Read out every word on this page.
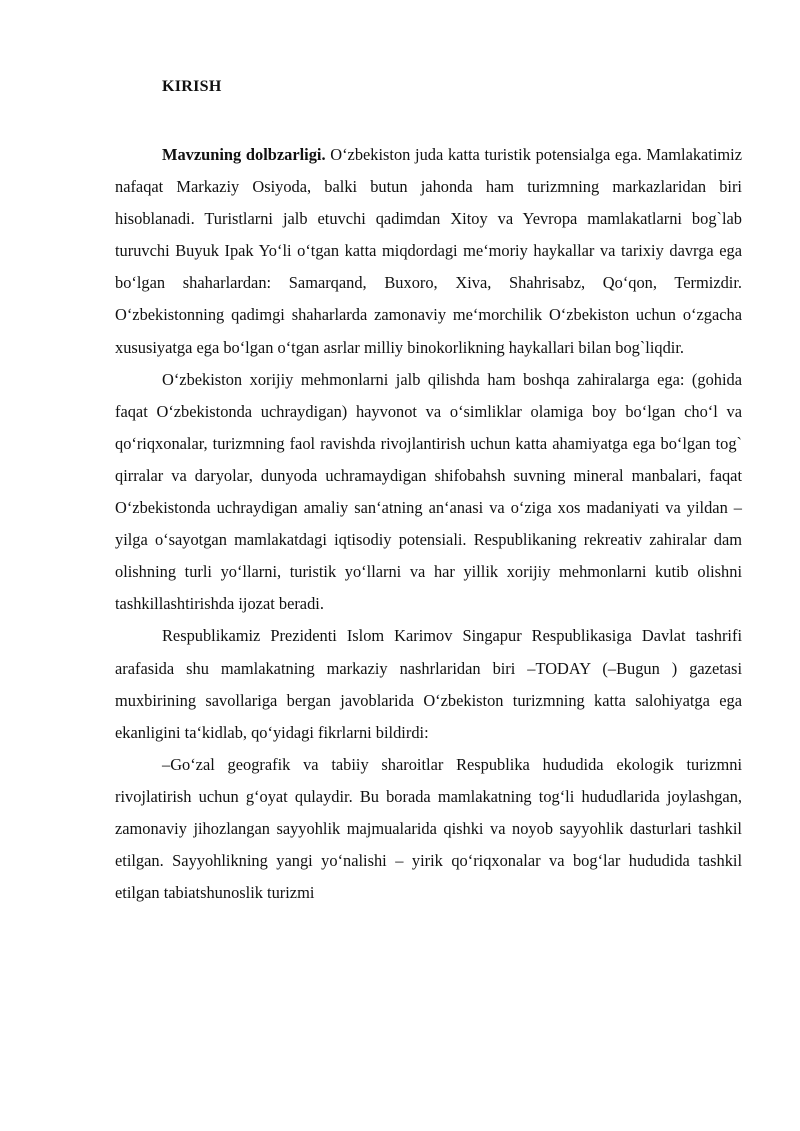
KIRISH

Mavzuning dolbzarligi. O‘zbekiston juda katta turistik potensialga ega. Mamlakatimiz nafaqat Markaziy Osiyoda, balki butun jahonda ham turizmning markazlaridan biri hisoblanadi. Turistlarni jalb etuvchi qadimdan Xitoy va Yevropa mamlakatlarni bog`lab turuvchi Buyuk Ipak Yo‘li o‘tgan katta miqdordagi me‘moriy haykallar va tarixiy davrga ega bo‘lgan shaharlardan: Samarqand, Buxoro, Xiva, Shahrisabz, Qo‘qon, Termizdir. O‘zbekistonning qadimgi shaharlarda zamonaviy me‘morchilik O‘zbekiston uchun o‘zgacha xususiyatga ega bo‘lgan o‘tgan asrlar milliy binokorlikning haykallari bilan bog`liqdir.

O‘zbekiston xorijiy mehmonlarni jalb qilishda ham boshqa zahiralarga ega: (gohida faqat O‘zbekistonda uchraydigan) hayvonot va o‘simliklar olamiga boy bo‘lgan cho‘l va qo‘riqxonalar, turizmning faol ravishda rivojlantirish uchun katta ahamiyatga ega bo‘lgan tog` qirralar va daryolar, dunyoda uchramaydigan shifobahsh suvning mineral manbalari, faqat O‘zbekistonda uchraydigan amaliy san‘atning an‘anasi va o‘ziga xos madaniyati va yildan – yilga o‘sayotgan mamlakatdagi iqtisodiy potensiali. Respublikaning rekreativ zahiralar dam olishning turli yo‘llarni, turistik yo‘llarni va har yillik xorijiy mehmonlarni kutib olishni tashkillashtirishda ijozat beradi.

Respublikamiz Prezidenti Islom Karimov Singapur Respublikasiga Davlat tashrifi arafasida shu mamlakatning markaziy nashrlaridan biri –TODAY (–Bugun ) gazetasi muxbirining savollariga bergan javoblarida O‘zbekiston turizmning katta salohiyatga ega ekanligini ta‘kidlab, qo‘yidagi fikrlarni bildirdi:

–Go‘zal geografik va tabiiy sharoitlar Respublika hududida ekologik turizmni rivojlatirish uchun g‘oyat qulaydir. Bu borada mamlakatning tog‘li hududlarida joylashgan, zamonaviy jihozlangan sayyohlik majmualarida qishki va noyob sayyohlik dasturlari tashkil etilgan. Sayyohlikning yangi yo‘nalishi – yirik qo‘riqxonalar va bog‘lar hududida tashkil etilgan tabiatshunoslik turizmi
